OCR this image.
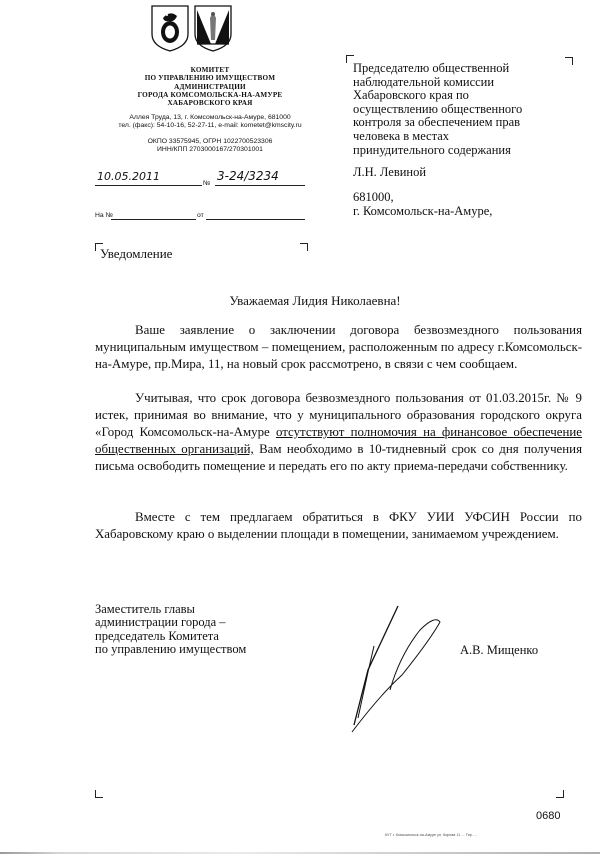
КОМИТЕТ
ПО УПРАВЛЕНИЮ ИМУЩЕСТВОМ
АДМИНИСТРАЦИИ
ГОРОДА КОМСОМОЛЬСКА-НА-АМУРЕ
ХАБАРОВСКОГО КРАЯ
Аллея Труда, 13, г. Комсомольск-на-Амуре, 681000
тел. (факс): 54-10-16, 52-27-11, e-mail: kometet@kmscity.ru
ОКПО 33575945, ОГРН 1022700523306
ИНН/КПП 2703000167/270301001
10.05.2011
№
3-24/3234
На №	от
Председателю общественной
наблюдательной комиссии
Хабаровского края по
осуществлению общественного
контроля за обеспечением прав
человека в местах
принудительного содержания
Л.Н. Левиной
681000,
г. Комсомольск-на-Амуре,
Уведомление
Уважаемая Лидия Николаевна!
Ваше заявление о заключении договора безвозмездного пользования муниципальным имуществом – помещением, расположенным по адресу г.Комсомольск-на-Амуре, пр.Мира, 11, на новый срок рассмотрено, в связи с чем сообщаем.
Учитывая, что срок договора безвозмездного пользования от 01.03.2015г. № 9 истек, принимая во внимание, что у муниципального образования городского округа «Город Комсомольск-на-Амуре отсутствуют полномочия на финансовое обеспечение общественных организаций, Вам необходимо в 10-тидневный срок со дня получения письма освободить помещение и передать его по акту приема-передачи собственнику.
Вместе с тем предлагаем обратиться в ФКУ УИИ УФСИН России по Хабаровскому краю о выделении площади в помещении, занимаемом учреждением.
Заместитель главы
администрации города –
председатель Комитета
по управлению имуществом	А.В. Мищенко
0680
КУТ г. Комсомольск-на-Амуре ул. Кирова 11 ... Тир. ...
